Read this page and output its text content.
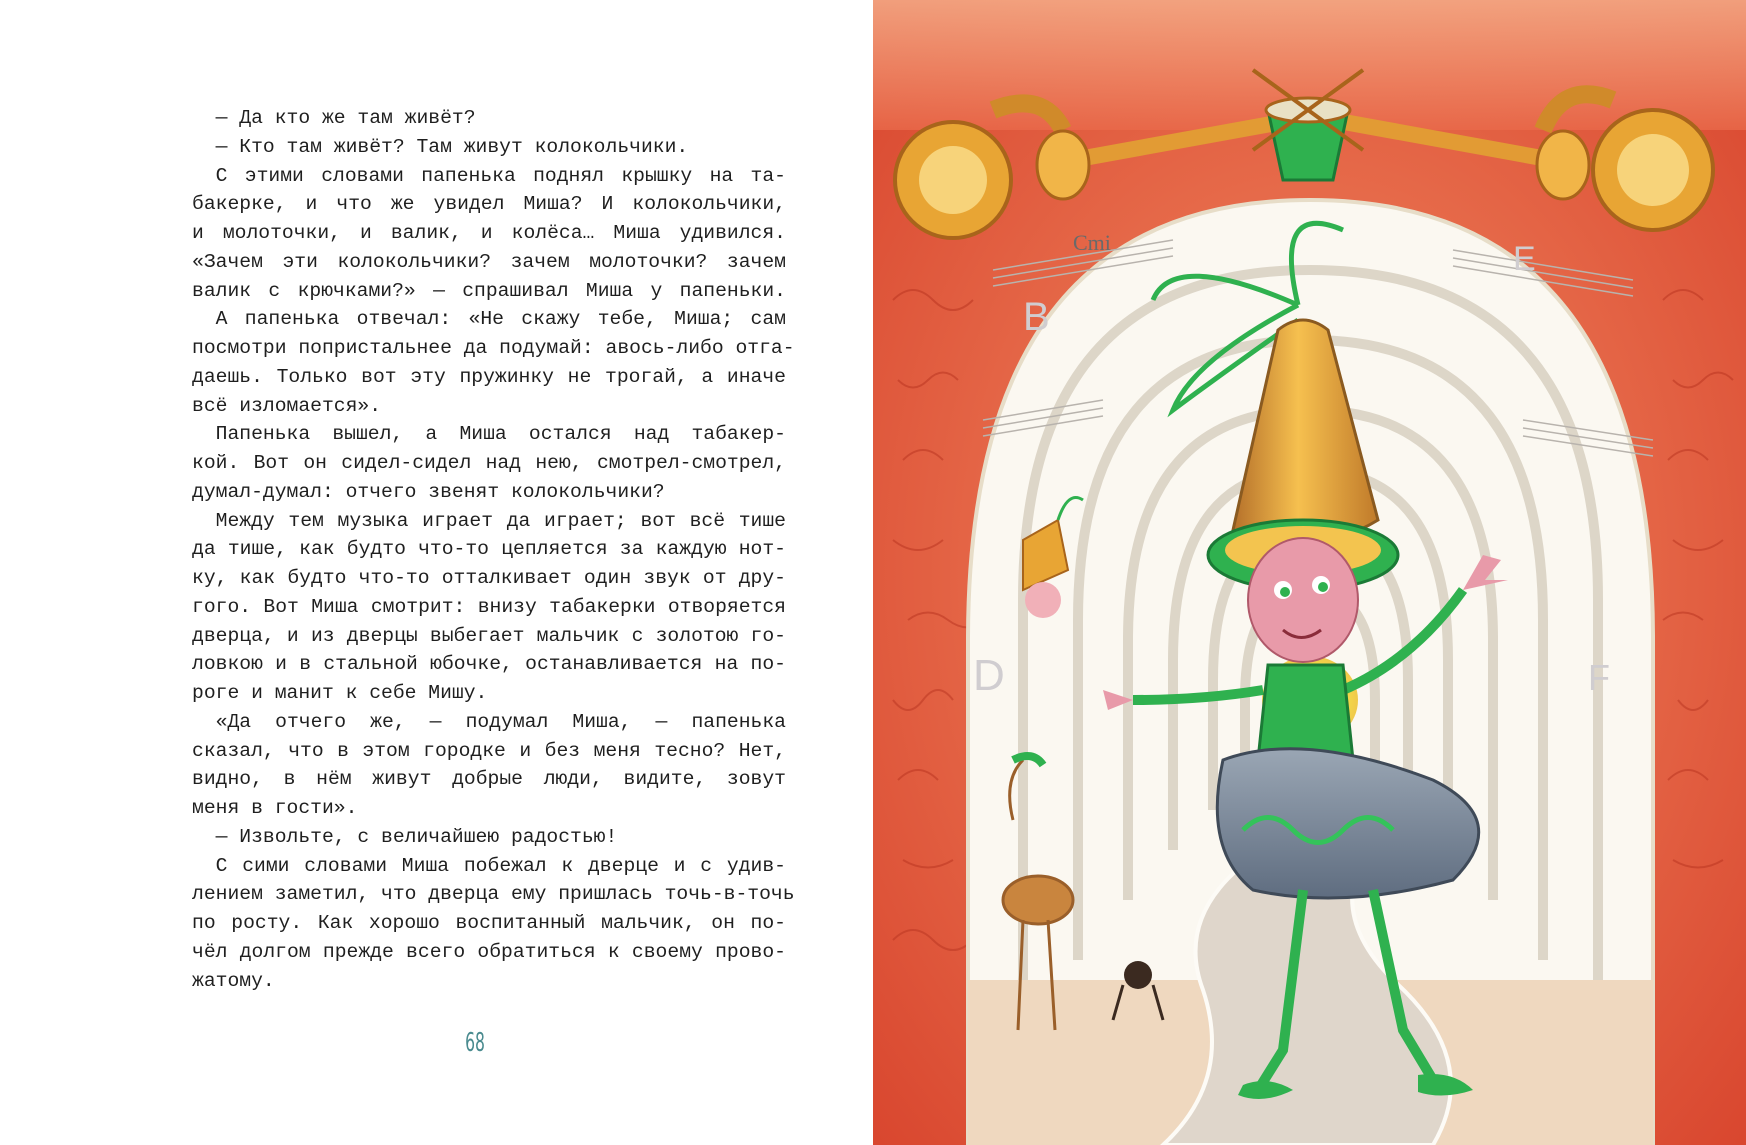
— Да кто же там живёт?
— Кто там живёт? Там живут колокольчики.
С этими словами папенька поднял крышку на та-
бакерке, и что же увидел Миша? И колокольчики,
и молоточки, и валик, и колёса… Миша удивился.
«Зачем эти колокольчики? зачем молоточки? зачем
валик с крючками?» — спрашивал Миша у папеньки.
А папенька отвечал: «Не скажу тебе, Миша; сам
посмотри попристальнее да подумай: авось-либо отга-
даешь. Только вот эту пружинку не трогай, а иначе
всё изломается».
Папенька вышел, а Миша остался над табакер-
кой. Вот он сидел-сидел над нею, смотрел-смотрел,
думал-думал: отчего звенят колокольчики?
Между тем музыка играет да играет; вот всё тише
да тише, как будто что-то цепляется за каждую нот-
ку, как будто что-то отталкивает один звук от дру-
гого. Вот Миша смотрит: внизу табакерки отворяется
дверца, и из дверцы выбегает мальчик с золотою го-
ловкою и в стальной юбочке, останавливается на по-
роге и манит к себе Мишу.
«Да отчего же, — подумал Миша, — папенька
сказал, что в этом городке и без меня тесно? Нет,
видно, в нём живут добрые люди, видите, зовут
меня в гости».
— Извольте, с величайшею радостью!
С сими словами Миша побежал к дверце и с удив-
лением заметил, что дверца ему пришлась точь-в-точь
по росту. Как хорошо воспитанный мальчик, он по-
чёл долгом прежде всего обратиться к своему прово-
жатому.
68
Cmi
B
D
E
F
